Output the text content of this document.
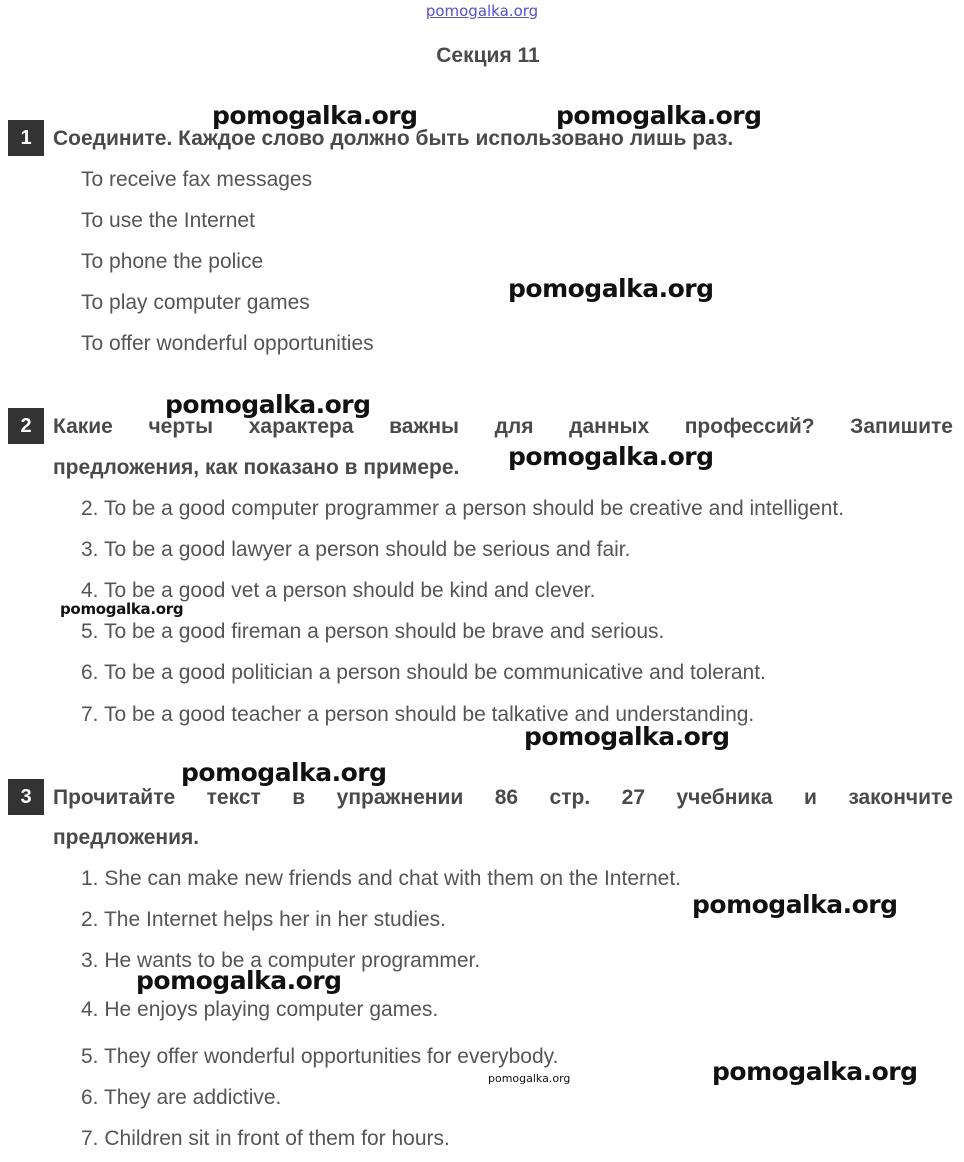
pomogalka.org
Секция 11
1	Соедините. Каждое слово должно быть использовано лишь раз.
To receive fax messages
To use the Internet
To phone the police
To play computer games
To offer wonderful opportunities
2	Какие черты характера важны для данных профессий? Запишите
предложения, как показано в примере.
2. To be a good computer programmer a person should be creative and intelligent.
3. To be a good lawyer a person should be serious and fair.
4. To be a good vet a person should be kind and clever.
5. To be a good fireman a person should be brave and serious.
6. To be a good politician a person should be communicative and tolerant.
7. To be a good teacher a person should be talkative and understanding.
3	Прочитайте текст в упражнении 86 стр. 27 учебника и закончите
предложения.
1. She can make new friends and chat with them on the Internet.
2. The Internet helps her in her studies.
3. He wants to be a computer programmer.
4. He enjoys playing computer games.
5. They offer wonderful opportunities for everybody.
6. They are addictive.
7. Children sit in front of them for hours.
pomogalka.org	pomogalka.org
pomogalka.org
pomogalka.org
pomogalka.org
pomogalka.org
pomogalka.org
pomogalka.org
pomogalka.org
pomogalka.org
pomogalka.org	pomogalka.org
